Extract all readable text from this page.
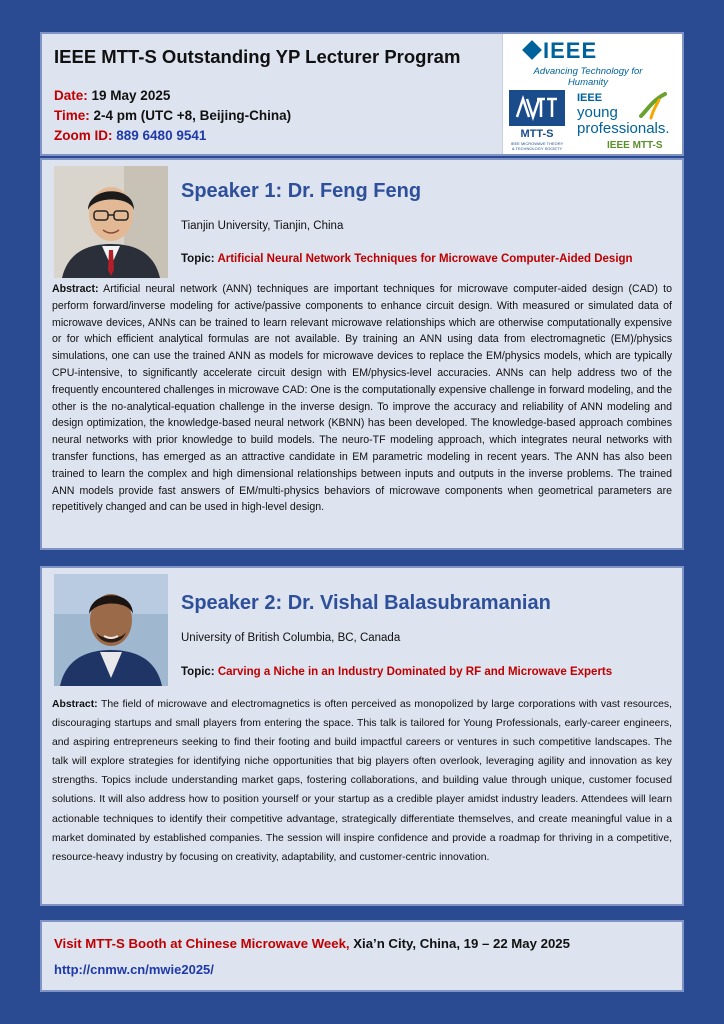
IEEE MTT-S Outstanding YP Lecturer Program
Date: 19 May 2025
Time: 2-4 pm (UTC +8, Beijing-China)
Zoom ID: 889 6480 9541
IEEE
Advancing Technology for Humanity
MTT-S
IEEE MICROWAVE THEORY & TECHNOLOGY SOCIETY
IEEE
young
professionals.
IEEE MTT-S
Speaker 1: Dr. Feng Feng
Tianjin University, Tianjin, China
Topic: Artificial Neural Network Techniques for Microwave Computer-Aided Design
Abstract: Artificial neural network (ANN) techniques are important techniques for microwave computer-aided design (CAD) to perform forward/inverse modeling for active/passive components to enhance circuit design. With measured or simulated data of microwave devices, ANNs can be trained to learn relevant microwave relationships which are otherwise computationally expensive or for which efficient analytical formulas are not available. By training an ANN using data from electromagnetic (EM)/physics simulations, one can use the trained ANN as models for microwave devices to replace the EM/physics models, which are typically CPU-intensive, to significantly accelerate circuit design with EM/physics-level accuracies. ANNs can help address two of the frequently encountered challenges in microwave CAD: One is the computationally expensive challenge in forward modeling, and the other is the no-analytical-equation challenge in the inverse design. To improve the accuracy and reliability of ANN modeling and design optimization, the knowledge-based neural network (KBNN) has been developed. The knowledge-based approach combines neural networks with prior knowledge to build models. The neuro-TF modeling approach, which integrates neural networks with transfer functions, has emerged as an attractive candidate in EM parametric modeling in recent years. The ANN has also been trained to learn the complex and high dimensional relationships between inputs and outputs in the inverse problems. The trained ANN models provide fast answers of EM/multi-physics behaviors of microwave components when geometrical parameters are repetitively changed and can be used in high-level design.
Speaker 2: Dr. Vishal Balasubramanian
University of British Columbia, BC, Canada
Topic: Carving a Niche in an Industry Dominated by RF and Microwave Experts
Abstract: The field of microwave and electromagnetics is often perceived as monopolized by large corporations with vast resources, discouraging startups and small players from entering the space. This talk is tailored for Young Professionals, early-career engineers, and aspiring entrepreneurs seeking to find their footing and build impactful careers or ventures in such competitive landscapes. The talk will explore strategies for identifying niche opportunities that big players often overlook, leveraging agility and innovation as key strengths. Topics include understanding market gaps, fostering collaborations, and building value through unique, customer focused solutions. It will also address how to position yourself or your startup as a credible player amidst industry leaders. Attendees will learn actionable techniques to identify their competitive advantage, strategically differentiate themselves, and create meaningful value in a market dominated by established companies. The session will inspire confidence and provide a roadmap for thriving in a competitive, resource-heavy industry by focusing on creativity, adaptability, and customer-centric innovation.
Visit MTT-S Booth at Chinese Microwave Week, Xia’n City, China, 19 – 22 May 2025
http://cnmw.cn/mwie2025/
